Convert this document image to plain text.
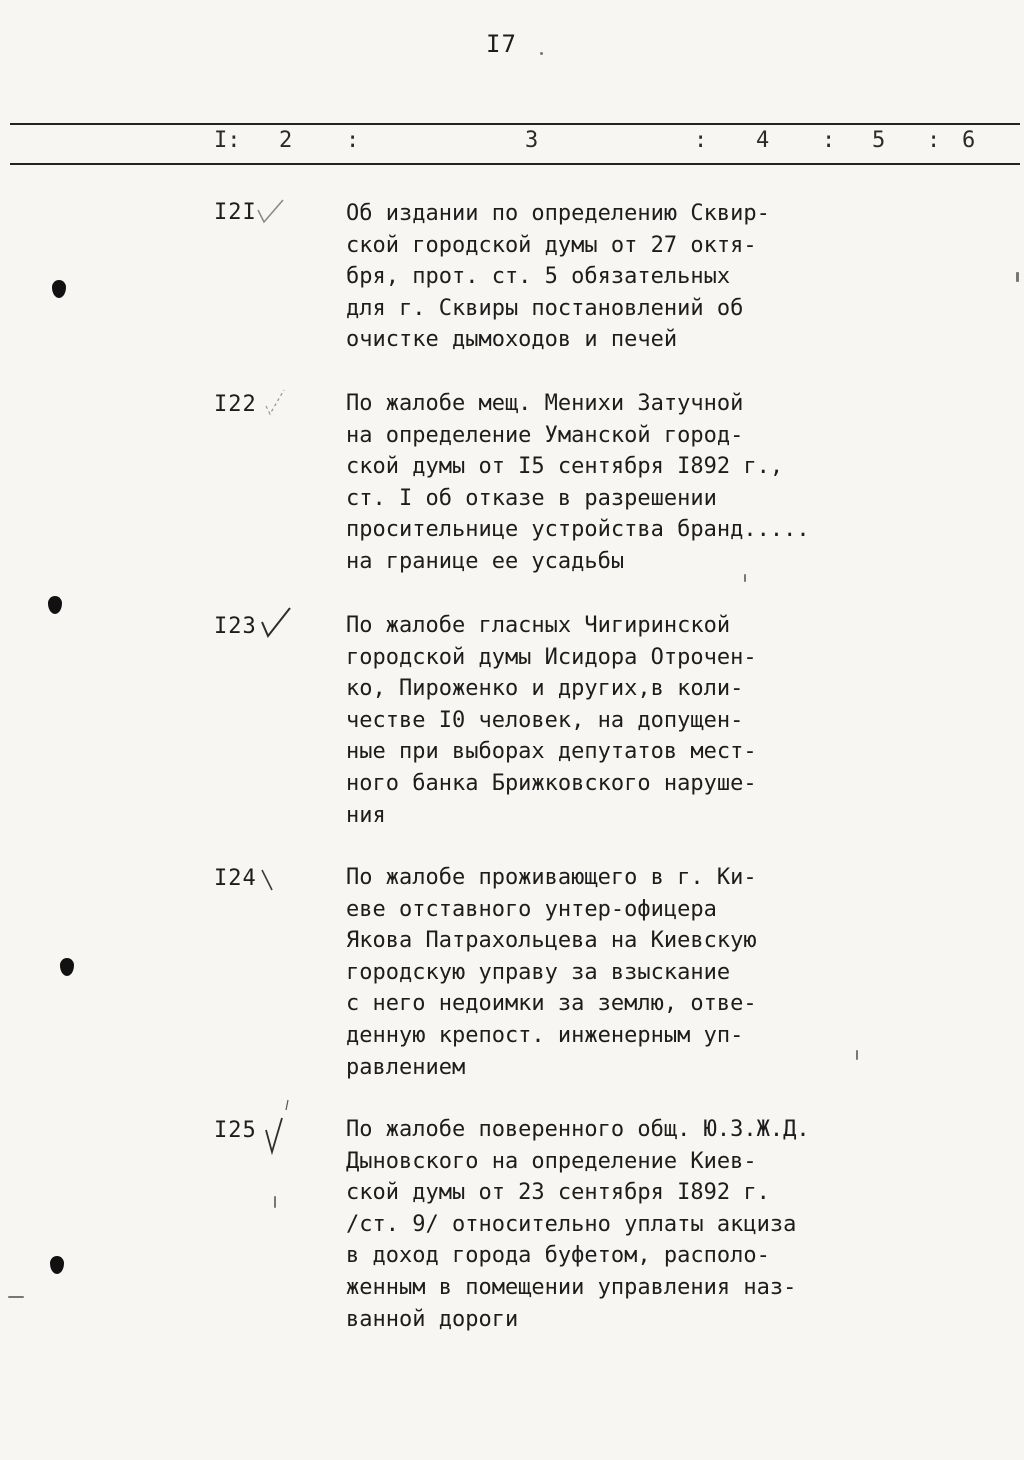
I7
I: 2 :	3	: 4 : 5 : 6
I2I	Об издании по определению Сквир-
ской городской думы от 27 октя-
бря, прот. ст. 5 обязательных
для г. Сквиры постановлений об
очистке дымоходов и печей

I22	По жалобе мещ. Менихи Затучной
на определение Уманской город-
ской думы от I5 сентября I892 г.,
ст. I об отказе в разрешении
просительнице устройства бранд.....
на границе ее усадьбы

I23	По жалобе гласных Чигиринской
городской думы Исидора Отрочен-
ко, Пироженко и других,в коли-
честве I0 человек, на допущен-
ные при выборах депутатов мест-
ного банка Брижковского наруше-
ния

I24	По жалобе проживающего в г. Ки-
еве отставного унтер-офицера
Якова Патрахольцева на Киевскую
городскую управу за взыскание
с него недоимки за землю, отве-
денную крепост. инженерным уп-
равлением

I25	По жалобе поверенного общ. Ю.З.Ж.Д.
Дыновского на определение Киев-
ской думы от 23 сентября I892 г.
/ст. 9/ относительно уплаты акциза
в доход города буфетом, располо-
женным в помещении управления наз-
ванной дороги
